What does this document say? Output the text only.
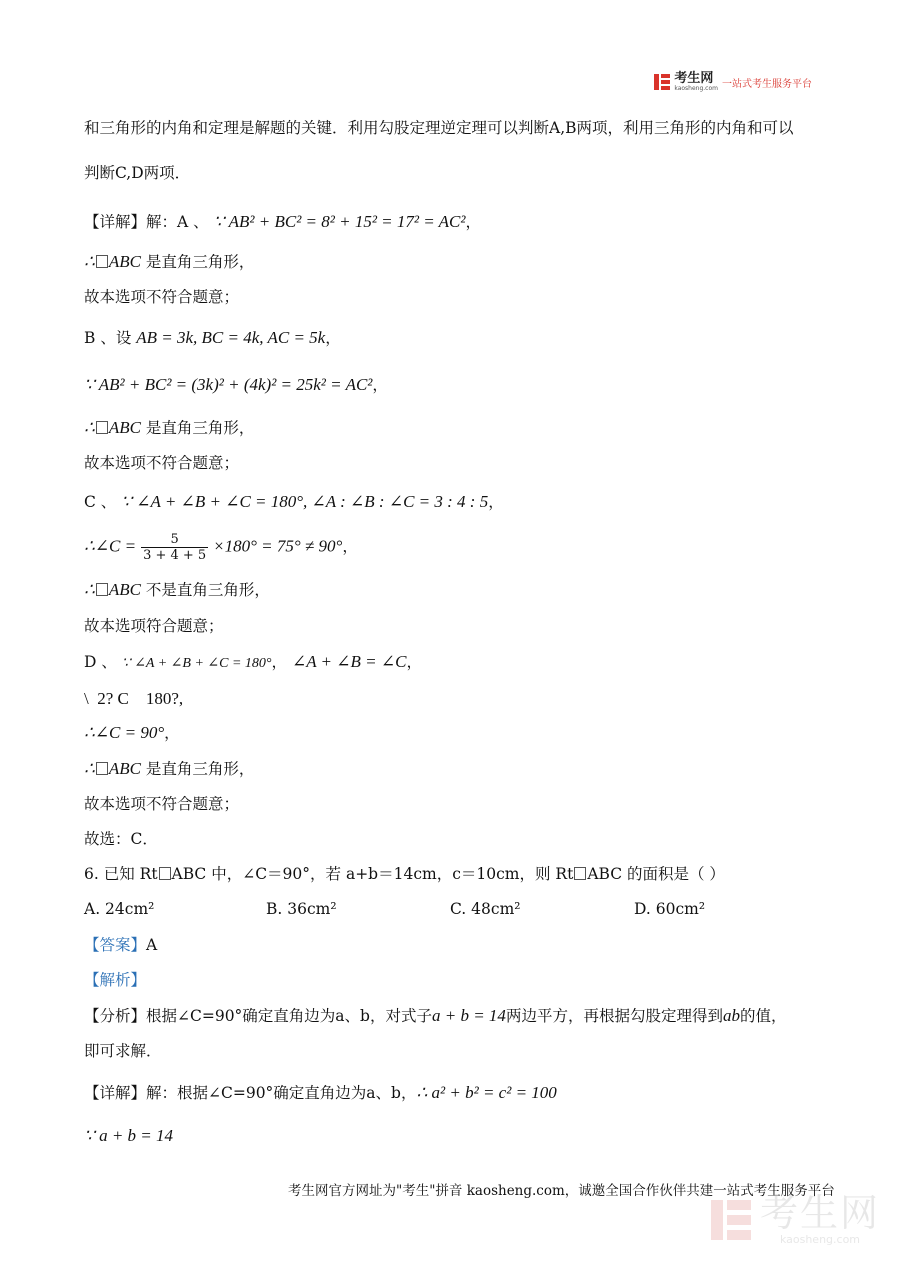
考生网
kaosheng.com 一站式考生服务平台
和三角形的内角和定理是解题的关键．利用勾股定理逆定理可以判断A,B两项，利用三角形的内角和可以
判断C,D两项．
【详解】解：A 、 ∵ AB² + BC² = 8² + 15² = 17² = AC²，
∴ ABC 是直角三角形，
故本选项不符合题意；
B 、设 AB = 3k, BC = 4k, AC = 5k，
∵ AB² + BC² = (3k)² + (4k)² = 25k² = AC²，
∴ ABC 是直角三角形，
故本选项不符合题意；
C 、 ∵ ∠A + ∠B + ∠C = 180°, ∠A : ∠B : ∠C = 3 : 4 : 5，
∴∠C = $\frac{5}{3 + 4 + 5} \times 180^\circ = 75^\circ \ne 90^\circ$，
∴ ABC 不是直角三角形，
故本选项符合题意；
D 、 ∵ ∠A + ∠B + ∠C = 180°， ∠A + ∠B = ∠C，
\  2? C    180?,
∴∠C = 90°，
∴ ABC 是直角三角形，
故本选项不符合题意；
故选：C．
6. 已知 Rt ABC 中，∠C＝90°，若 a+b＝14cm，c＝10cm，则 Rt ABC 的面积是（ ）
A. 24cm²	B. 36cm²	C. 48cm²	D. 60cm²
【答案】A
【解析】
【分析】根据∠C=90°确定直角边为a、b，对式子a + b = 14两边平方，再根据勾股定理得到ab的值，
即可求解．
【详解】解：根据∠C=90°确定直角边为a、b，∴ a² + b² = c² = 100
∵ a + b = 14
考生网官方网址为"考生"拼音 kaosheng.com，诚邀全国合作伙伴共建一站式考生服务平台
考生网
kaosheng.com
